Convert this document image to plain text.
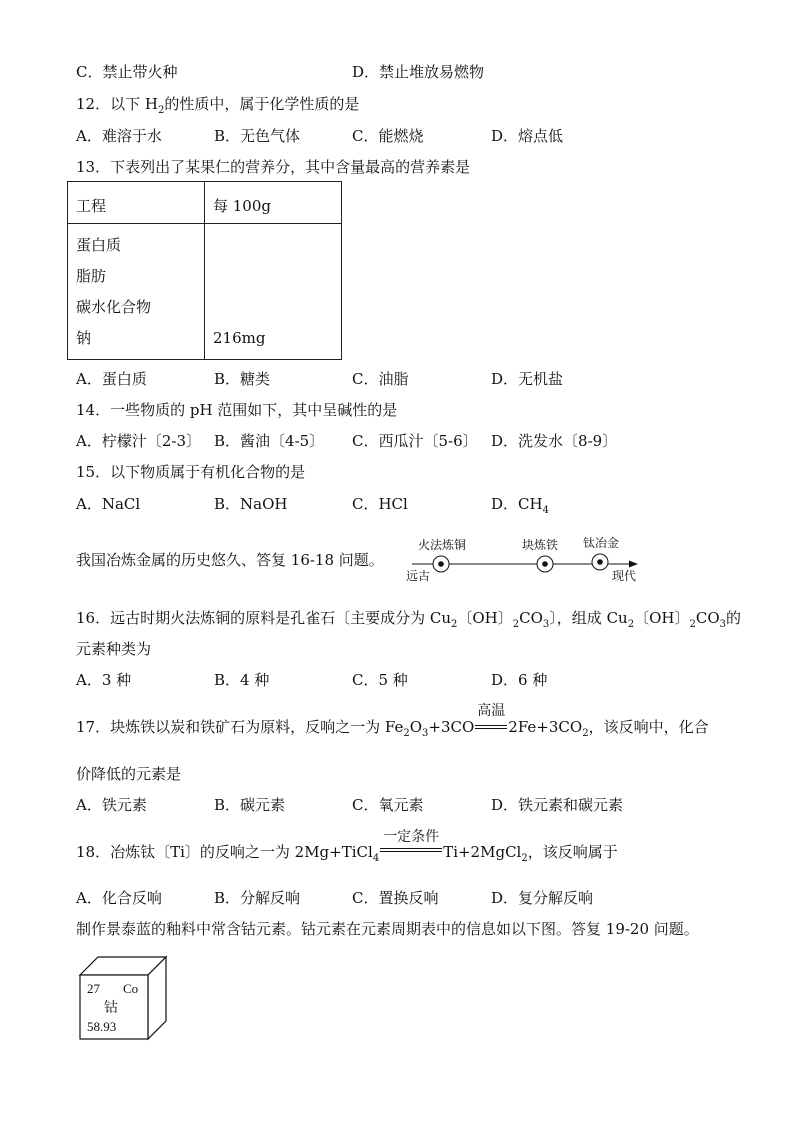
C．禁止带火种	D．禁止堆放易燃物
12．以下 $H_2$的性质中，属于化学性质的是
A．难溶于水	B．无色气体	C．能燃烧	D．熔点低
13．下表列出了某果仁的营养分，其中含量最高的营养素是
工程	每 100g

蛋白质
脂肪
碳水化合物
钠	216mg
A．蛋白质	B．糖类	C．油脂	D．无机盐
14．一些物质的 pH 范围如下，其中呈碱性的是
A．柠檬汁〔2-3〕 B．酱油〔4-5〕 C．西瓜汁〔5-6〕 D．洗发水〔8-9〕
15．以下物质属于有机化合物的是
A．NaCl	B．NaOH	C．HCl	D．$CH_4$
我国冶炼金属的历史悠久、答复 16-18 问题。
火法炼铜	块炼铁 钛冶金
远古	现代
16．远古时期火法炼铜的原料是孔雀石〔主要成分为 $Cu_2$〔OH〕$_2CO_3$〕，组成 $Cu_2$〔OH〕$_2CO_3$的
元素种类为
A．3 种	B．4 种	C．5 种	D．6 种
17．块炼铁以炭和铁矿石为原料，反响之一为 $Fe_2O_3+3CO$
高温
$2Fe+3CO_2$，该反响中，化合
价降低的元素是
A．铁元素	B．碳元素	C．氧元素	D．铁元素和碳元素
18．冶炼钛〔Ti〕的反响之一为 2Mg+TiCl$_4$
一定条件
Ti+2MgCl$_2$，该反响属于
A．化合反响	B．分解反响	C．置换反响	D．复分解反响
制作景泰蓝的釉料中常含钴元素。钴元素在元素周期表中的信息如以下图。答复 19-20 问题。
27 Co
钴
58.93
